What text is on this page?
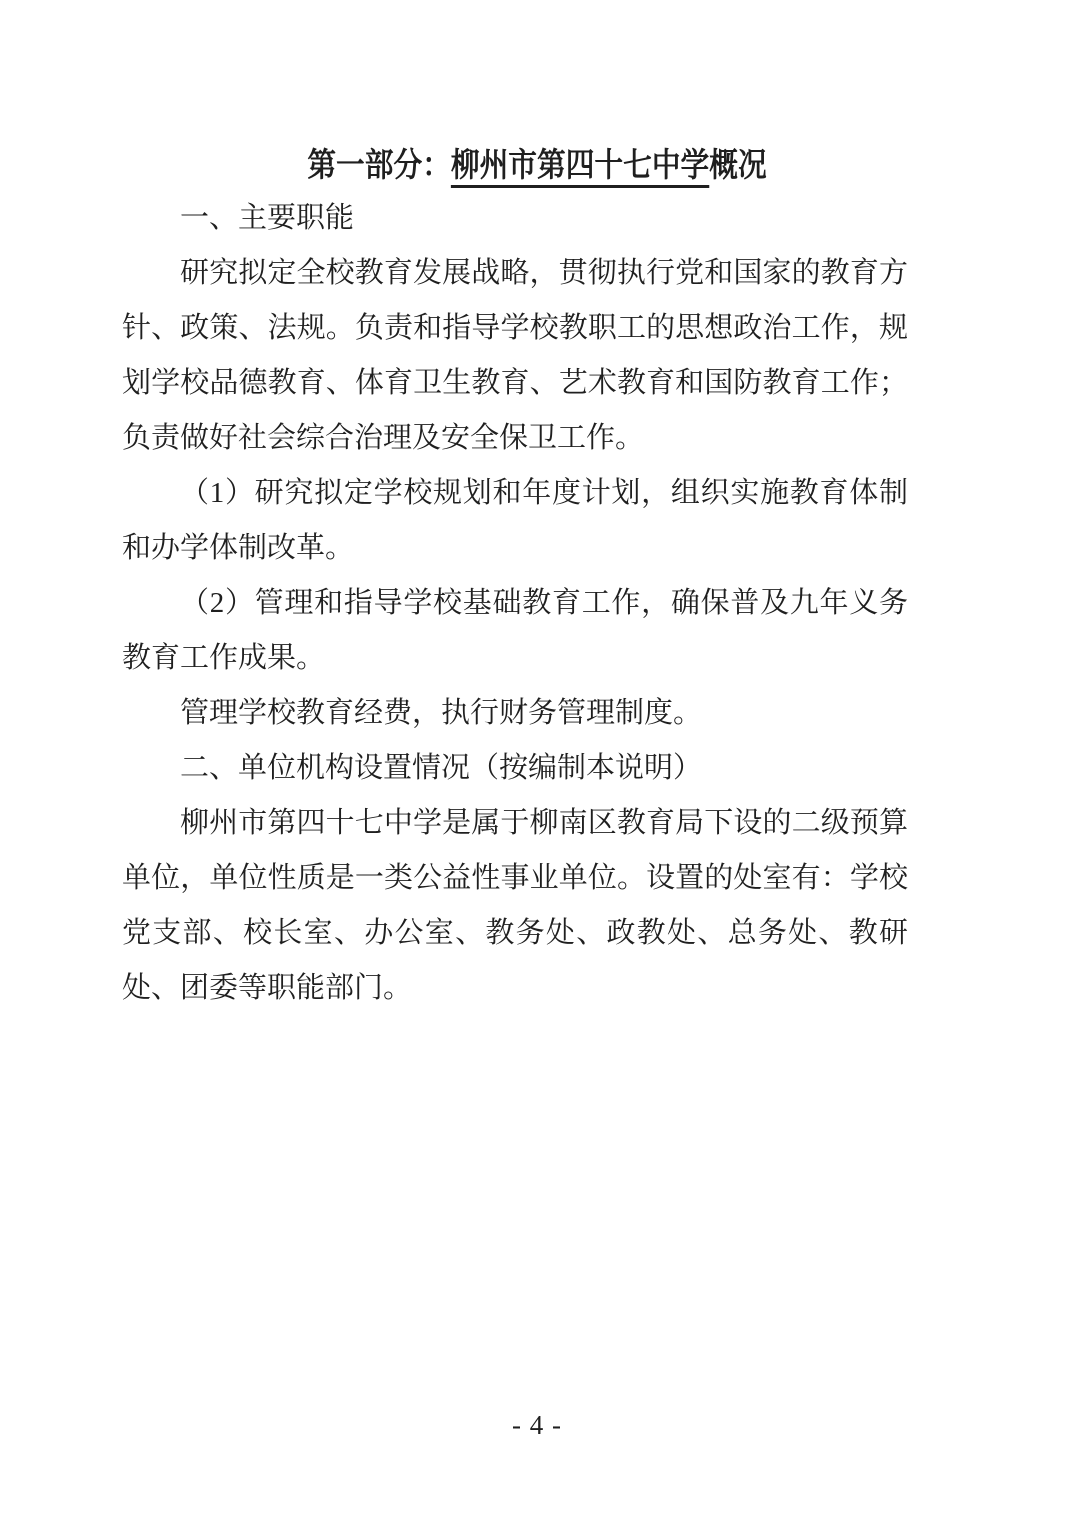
第一部分：柳州市第四十七中学概况

一、主要职能

研究拟定全校教育发展战略，贯彻执行党和国家的教育方针、政策、法规。负责和指导学校教职工的思想政治工作，规划学校品德教育、体育卫生教育、艺术教育和国防教育工作；负责做好社会综合治理及安全保卫工作。

（1）研究拟定学校规划和年度计划，组织实施教育体制和办学体制改革。

（2）管理和指导学校基础教育工作，确保普及九年义务教育工作成果。

管理学校教育经费，执行财务管理制度。

二、单位机构设置情况（按编制本说明）

柳州市第四十七中学是属于柳南区教育局下设的二级预算单位，单位性质是一类公益性事业单位。设置的处室有：学校党支部、校长室、办公室、教务处、政教处、总务处、教研处、团委等职能部门。

- 4 -
